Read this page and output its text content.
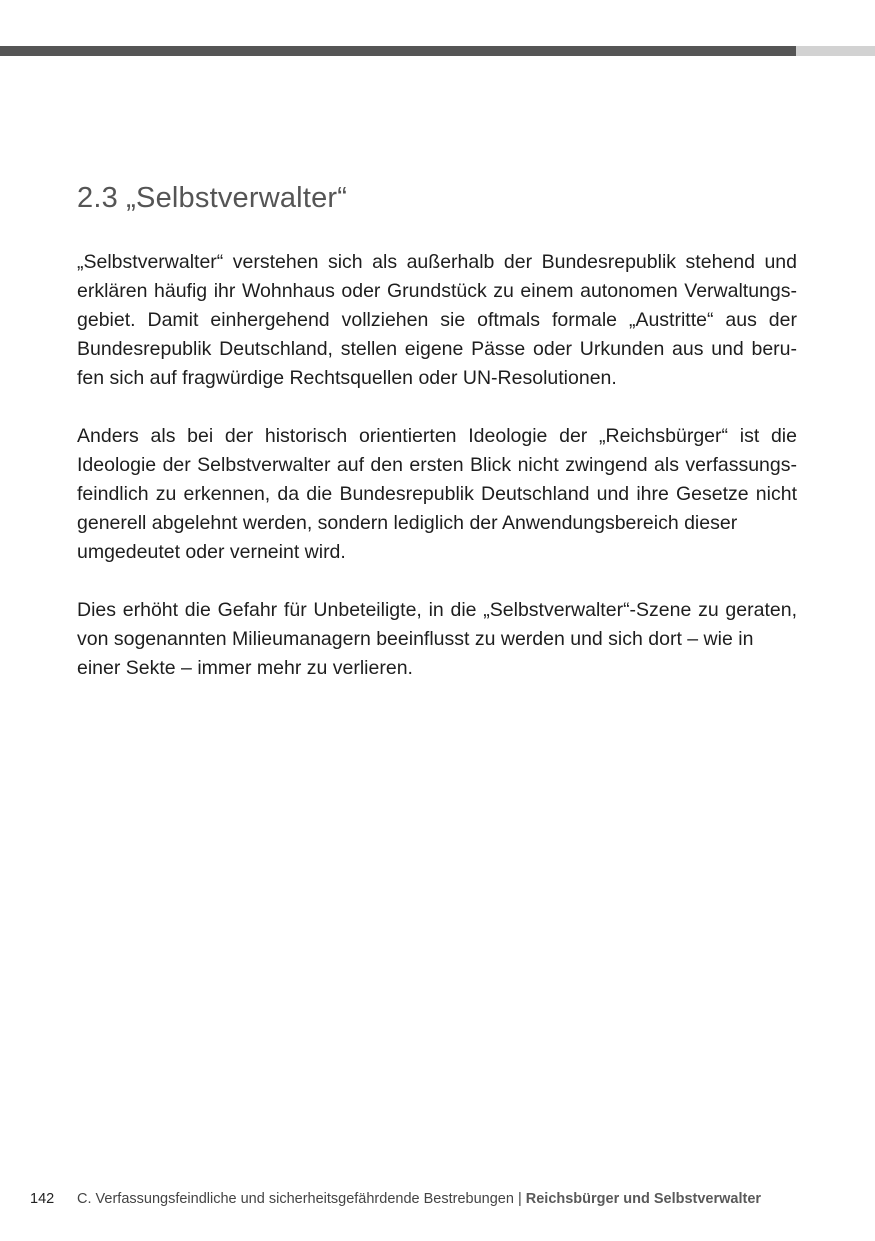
2.3 „Selbstverwalter“
„Selbstverwalter“ verstehen sich als außerhalb der Bundesrepublik stehend und
erklären häufig ihr Wohnhaus oder Grundstück zu einem autonomen Verwaltungs-
gebiet. Damit einhergehend vollziehen sie oftmals formale „Austritte“ aus der
Bundesrepublik Deutschland, stellen eigene Pässe oder Urkunden aus und beru-
fen sich auf fragwürdige Rechtsquellen oder UN-Resolutionen.
Anders als bei der historisch orientierten Ideologie der „Reichsbürger“ ist die
Ideologie der Selbstverwalter auf den ersten Blick nicht zwingend als verfassungs-
feindlich zu erkennen, da die Bundesrepublik Deutschland und ihre Gesetze nicht
generell abgelehnt werden, sondern lediglich der Anwendungsbereich dieser
umgedeutet oder verneint wird.
Dies erhöht die Gefahr für Unbeteiligte, in die „Selbstverwalter“-Szene zu geraten,
von sogenannten Milieumanagern beeinflusst zu werden und sich dort – wie in
einer Sekte – immer mehr zu verlieren.
142 C. Verfassungsfeindliche und sicherheitsgefährdende Bestrebungen | Reichsbürger und Selbstverwalter
